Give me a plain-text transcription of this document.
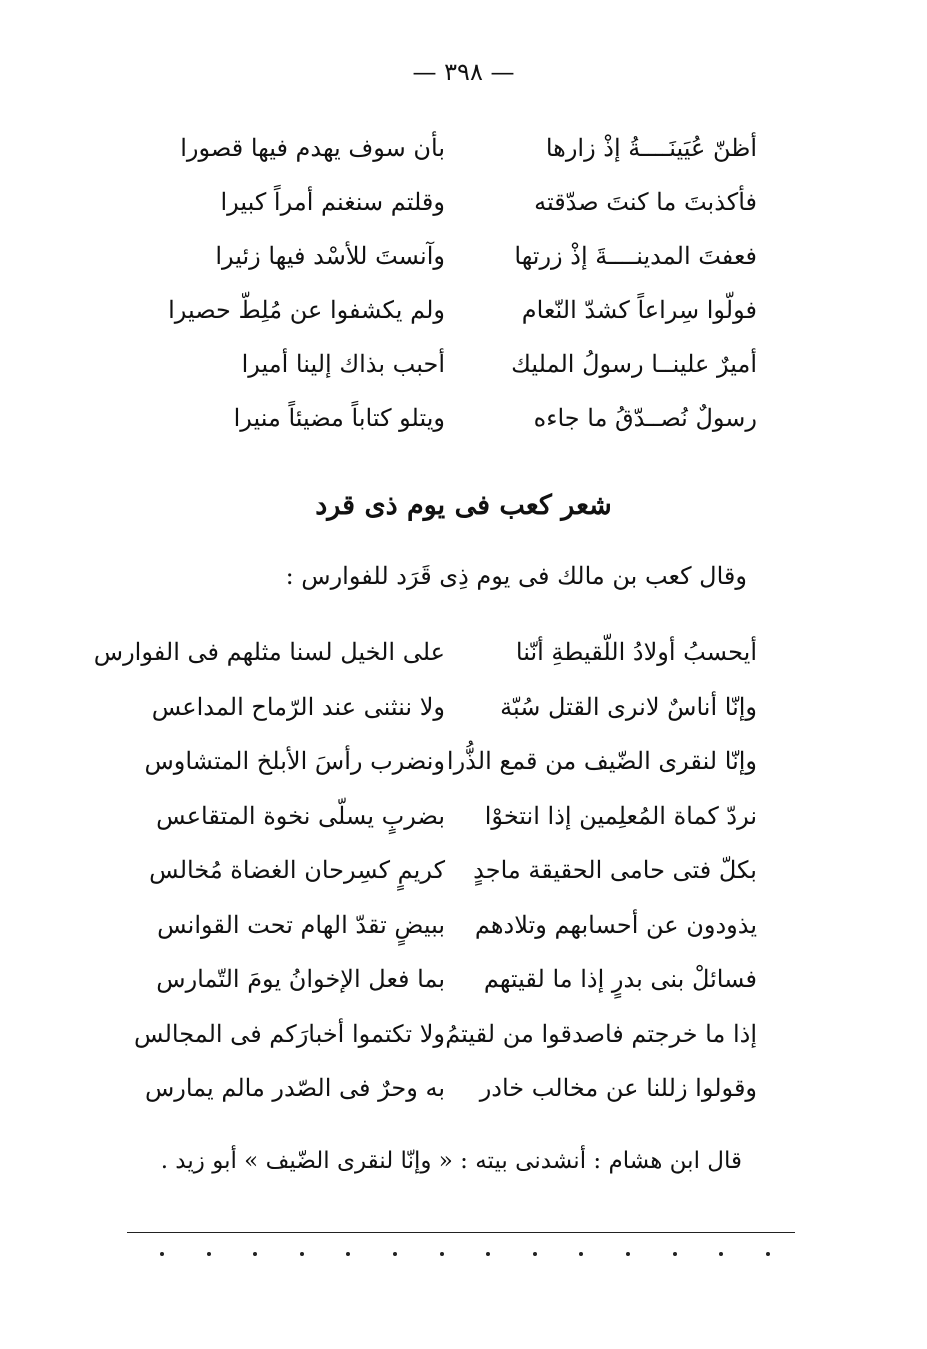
— ٣٩٨ —
أظنّ عُيَينَــــةُ إذْ زارها
بأن سوف يهدم فيها قصورا
فأكذبتَ ما كنتَ صدّقته
وقلتم سنغنم أمراً كبيرا
فعفتَ المدينــــةَ إذْ زرتها
وآنستَ للأسْد فيها زئيرا
فولّوا سِراعاً كشدّ النّعام
ولم يكشفوا عن مُلِطّ حصيرا
أميرٌ علينــا رسولُ المليك
أحبب بذاك إلينا أميرا
رسولٌ نُصــدّقُ ما جاءه
ويتلو كتاباً مضيئاً منيرا
شعر كعب فى يوم ذى قرد
وقال كعب بن مالك فى يوم ذِى قَرَد للفوارس :
أيحسبُ أولادُ اللّقيطةِ أنّنا
على الخيل لسنا مثلهم فى الفوارس
وإنّا أناسٌ لانرى القتل سُبّة
ولا ننثنى عند الرّماح المداعس
وإنّا لنقرى الضّيف من قمع الذُّرا
ونضرب رأسَ الأبلخ المتشاوس
نردّ كماة المُعلِمين إذا انتخوْا
بضربٍ يسلّى نخوة المتقاعس
بكلّ فتى حامى الحقيقة ماجدٍ
كريمٍ كسِرحان الغضاة مُخالس
يذودون عن أحسابهم وتلادهم
ببيضٍ تقدّ الهام تحت القوانس
فسائلْ بنى بدرٍ إذا ما لقيتهم
بما فعل الإخوانُ يومَ التّمارس
إذا ما خرجتم فاصدقوا من لقيتمُ
ولا تكتموا أخبارَكم فى المجالس
وقولوا زللنا عن مخالب خادر
به وحرٌ فى الصّدر مالم يمارس
قال ابن هشام : أنشدنى بيته : « وإنّا لنقرى الضّيف » أبو زيد .
